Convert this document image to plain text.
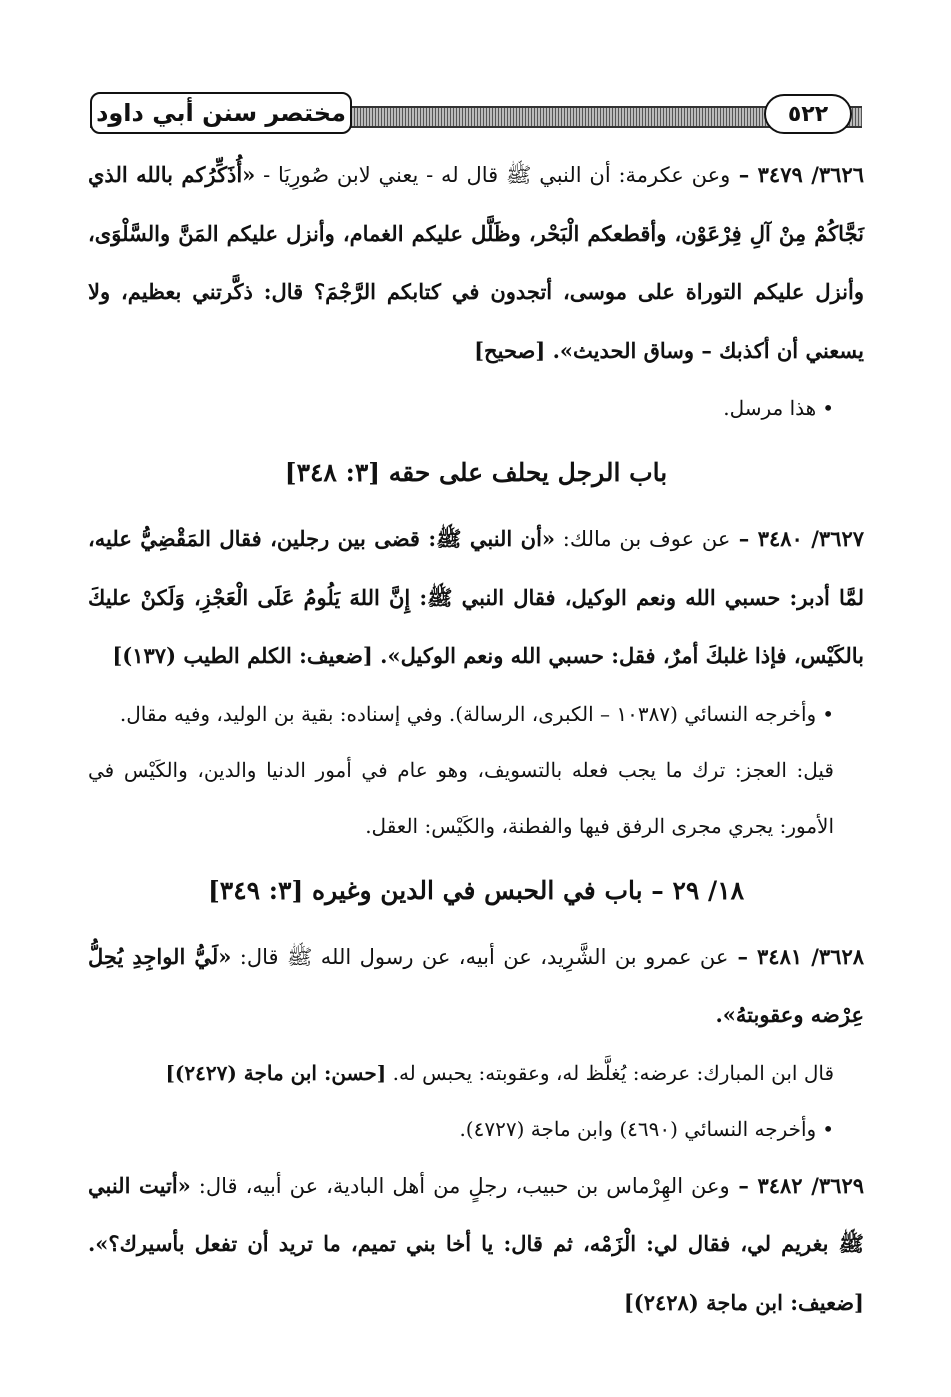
مختصر سنن أبي داود	٥٢٢

٣٦٢٦/ ٣٤٧٩ – وعن عكرمة: أن النبي ﷺ قال له - يعني لابن صُورِيَا - «أُذَكِّرُكم بالله الذي نَجَّاكُمْ مِنْ آلِ فِرْعَوْن، وأقطعكم الْبَحْر، وظَلَّل عليكم الغمام، وأنزل عليكم المَنَّ والسَّلْوَى، وأنزل عليكم التوراة على موسى، أتجدون في كتابكم الرَّجْمَ؟ قال: ذكَّرتني بعظيم، ولا يسعني أن أكذبك – وساق الحديث». [صحيح]

•هذا مرسل.

باب الرجل يحلف على حقه [٣: ٣٤٨]

٣٦٢٧/ ٣٤٨٠ – عن عوف بن مالك: «أن النبي ﷺ: قضى بين رجلين، فقال المَقْضِيُّ عليه، لمَّا أدبر: حسبي الله ونعم الوكيل، فقال النبي ﷺ: إِنَّ اللهَ يَلُومُ عَلَى الْعَجْزِ، وَلَكنْ عليكَ بالكَيْس، فإذا غلبكَ أمرٌ، فقل: حسبي الله ونعم الوكيل». [ضعيف: الكلم الطيب (١٣٧)]

•وأخرجه النسائي (١٠٣٨٧ – الكبرى، الرسالة). وفي إسناده: بقية بن الوليد، وفيه مقال.

قيل: العجز: ترك ما يجب فعله بالتسويف، وهو عام في أمور الدنيا والدين، والكَيْس في الأمور: يجري مجرى الرفق فيها والفطنة، والكَيْس: العقل.

١٨/ ٢٩ – باب في الحبس في الدين وغيره [٣: ٣٤٩]

٣٦٢٨/ ٣٤٨١ – عن عمرو بن الشَّرِيد، عن أبيه، عن رسول الله ﷺ قال: «لَيُّ الواجِدِ يُحِلُّ عِرْضه وعقوبتهُ».

قال ابن المبارك: عرضه: يُغلَّظ له، وعقوبته: يحبس له. [حسن: ابن ماجة (٢٤٢٧)]

•وأخرجه النسائي (٤٦٩٠) وابن ماجة (٤٧٢٧).

٣٦٢٩/ ٣٤٨٢ – وعن الهِرْماس بن حبيب، رجلٍ من أهل البادية، عن أبيه، قال: «أتيت النبي ﷺ بغريم لي، فقال لي: الْزَمْه، ثم قال: يا أخا بني تميم، ما تريد أن تفعل بأسيرك؟». [ضعيف: ابن ماجة (٢٤٢٨)]
